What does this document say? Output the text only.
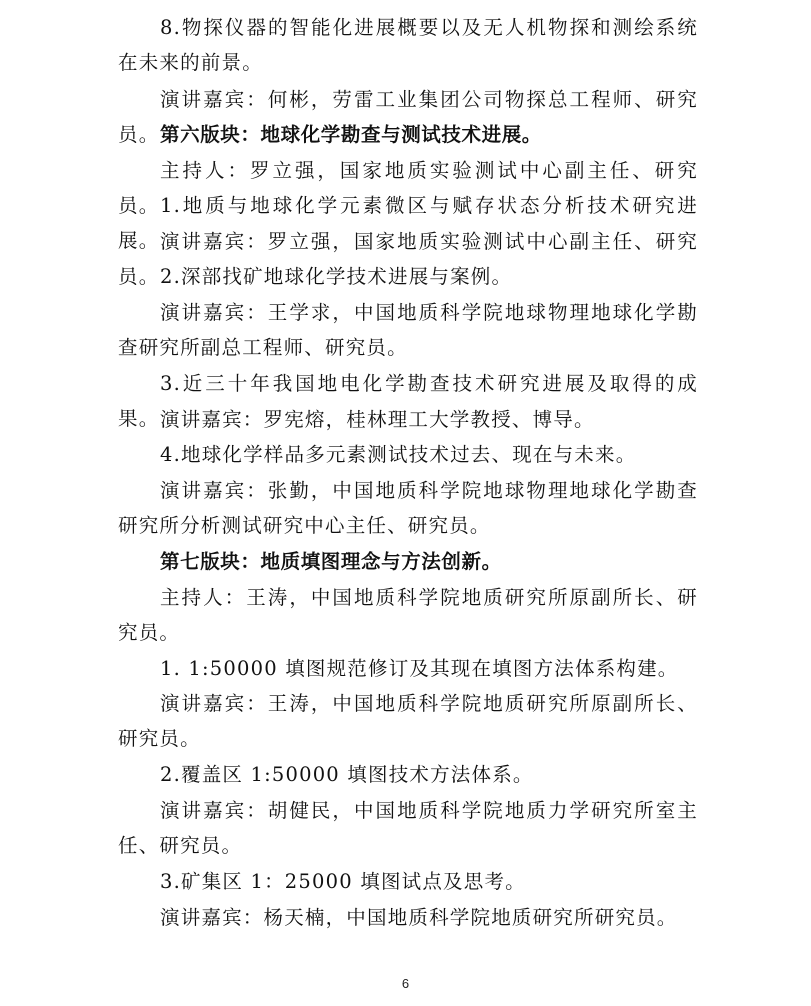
8.物探仪器的智能化进展概要以及无人机物探和测绘系统在未来的前景。

演讲嘉宾：何彬，劳雷工业集团公司物探总工程师、研究员。 第六版块：地球化学勘查与测试技术进展。

主持人：罗立强，国家地质实验测试中心副主任、研究员。 1.地质与地球化学元素微区与赋存状态分析技术研究进展。 演讲嘉宾：罗立强，国家地质实验测试中心副主任、研究员。 2.深部找矿地球化学技术进展与案例。

演讲嘉宾：王学求，中国地质科学院地球物理地球化学勘查研究所副总工程师、研究员。

3.近三十年我国地电化学勘查技术研究进展及取得的成果。 演讲嘉宾：罗宪熔，桂林理工大学教授、博导。

4.地球化学样品多元素测试技术过去、现在与未来。

演讲嘉宾：张勤，中国地质科学院地球物理地球化学勘查研究所分析测试研究中心主任、研究员。

第七版块：地质填图理念与方法创新。

主持人：王涛，中国地质科学院地质研究所原副所长、研究员。

1. 1:50000 填图规范修订及其现在填图方法体系构建。

演讲嘉宾：王涛，中国地质科学院地质研究所原副所长、研究员。

2.覆盖区 1:50000 填图技术方法体系。

演讲嘉宾：胡健民，中国地质科学院地质力学研究所室主任、研究员。

3.矿集区 1：25000 填图试点及思考。

演讲嘉宾：杨天楠，中国地质科学院地质研究所研究员。

6
